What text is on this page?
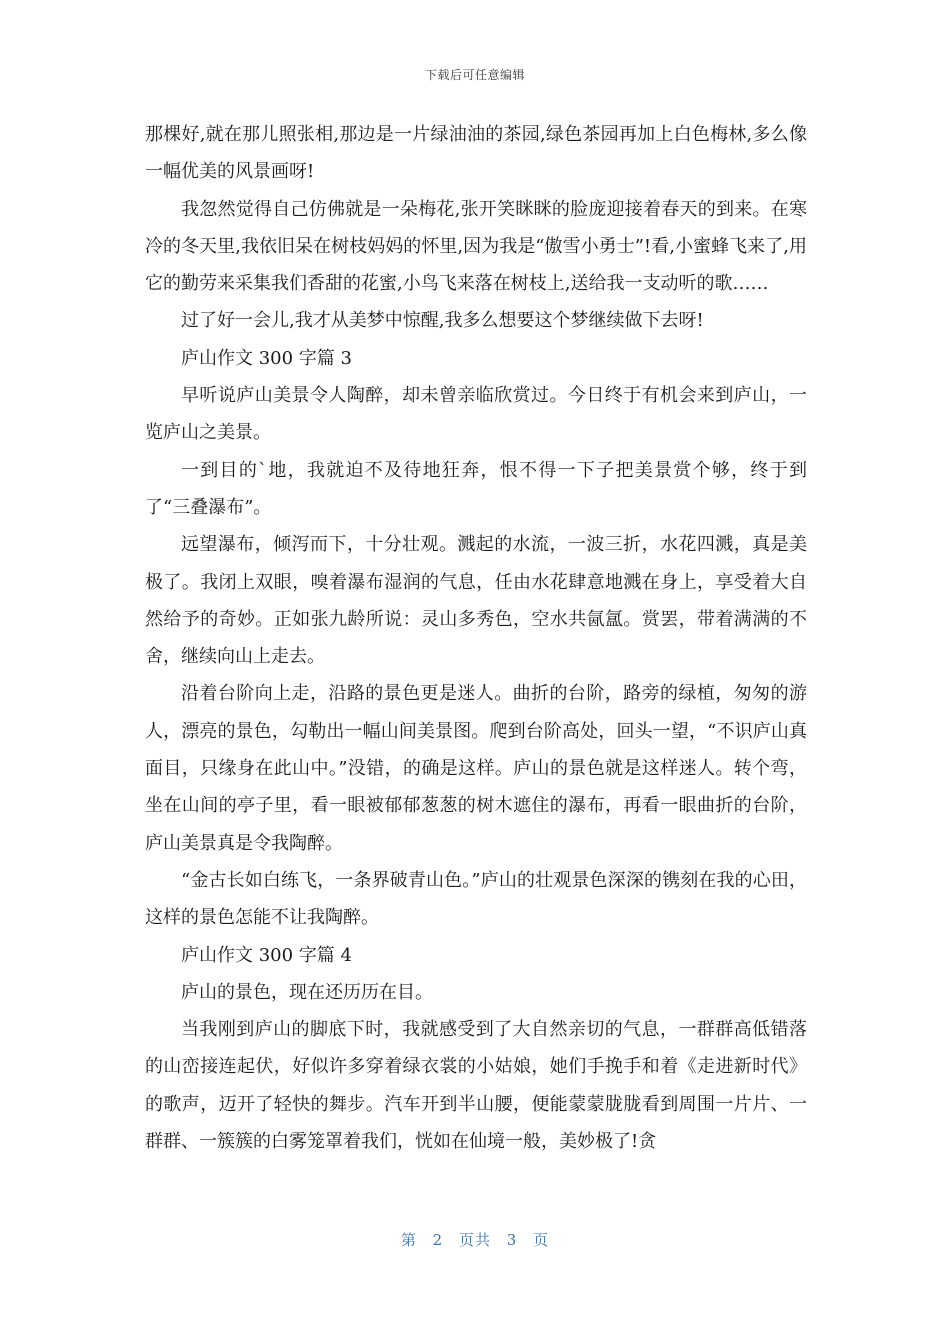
下载后可任意编辑

那棵好,就在那儿照张相,那边是一片绿油油的茶园,绿色茶园再加上白色梅林,多么像一幅优美的风景画呀!

我忽然觉得自己仿佛就是一朵梅花,张开笑眯眯的脸庞迎接着春天的到来。在寒冷的冬天里,我依旧呆在树枝妈妈的怀里,因为我是“傲雪小勇士”!看,小蜜蜂飞来了,用它的勤劳来采集我们香甜的花蜜,小鸟飞来落在树枝上,送给我一支动听的歌……

过了好一会儿,我才从美梦中惊醒,我多么想要这个梦继续做下去呀!

庐山作文 300 字篇 3

早听说庐山美景令人陶醉，却未曾亲临欣赏过。今日终于有机会来到庐山，一览庐山之美景。

一到目的`地，我就迫不及待地狂奔，恨不得一下子把美景赏个够，终于到了“三叠瀑布”。

远望瀑布，倾泻而下，十分壮观。溅起的水流，一波三折，水花四溅，真是美极了。我闭上双眼，嗅着瀑布湿润的气息，任由水花肆意地溅在身上，享受着大自然给予的奇妙。正如张九龄所说：灵山多秀色，空水共氤氲。赏罢，带着满满的不舍，继续向山上走去。

沿着台阶向上走，沿路的景色更是迷人。曲折的台阶，路旁的绿植，匆匆的游人，漂亮的景色，勾勒出一幅山间美景图。爬到台阶高处，回头一望，“不识庐山真面目，只缘身在此山中。”没错，的确是这样。庐山的景色就是这样迷人。转个弯，坐在山间的亭子里，看一眼被郁郁葱葱的树木遮住的瀑布，再看一眼曲折的台阶，庐山美景真是令我陶醉。

“金古长如白练飞，一条界破青山色。”庐山的壮观景色深深的镌刻在我的心田，这样的景色怎能不让我陶醉。

庐山作文 300 字篇 4

庐山的景色，现在还历历在目。

当我刚到庐山的脚底下时，我就感受到了大自然亲切的气息，一群群高低错落的山峦接连起伏，好似许多穿着绿衣裳的小姑娘，她们手挽手和着《走进新时代》的歌声，迈开了轻快的舞步。汽车开到半山腰，便能蒙蒙胧胧看到周围一片片、一群群、一簇簇的白雾笼罩着我们，恍如在仙境一般，美妙极了!贪

第 2 页共 3 页
